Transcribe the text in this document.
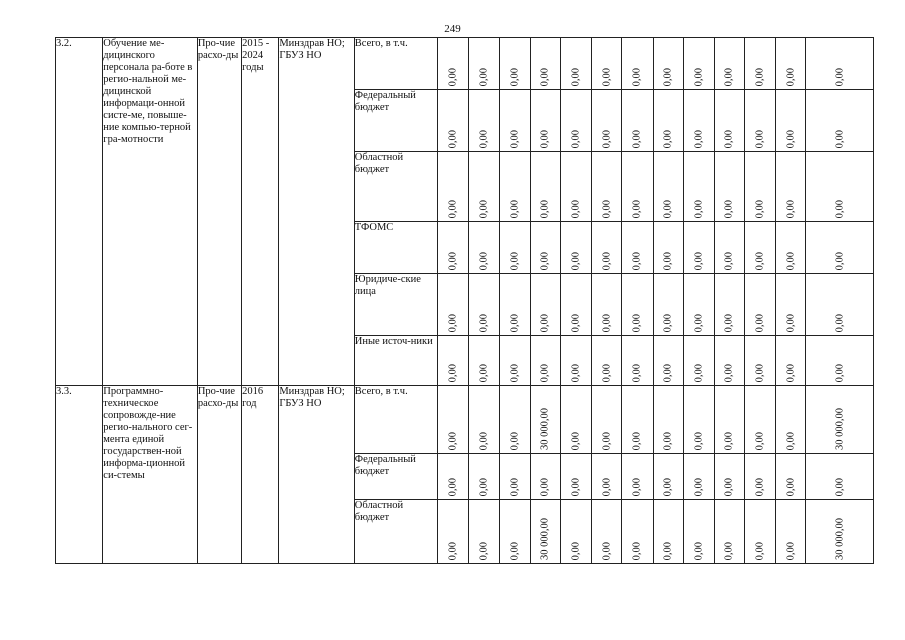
249
3.2.	Обучение ме-дицинского персонала ра-боте в регио-нальной ме-дицинской информаци-онной систе-ме, повыше-ние компью-терной гра-мотности	Про-чие расхо-ды	2015 - 2024 годы	Минздрав НО; ГБУЗ НО	Всего, в т.ч.	0,00	0,00	0,00	0,00	0,00	0,00	0,00	0,00	0,00	0,00	0,00	0,00	0,00

					Федеральный бюджет	0,00	0,00	0,00	0,00	0,00	0,00	0,00	0,00	0,00	0,00	0,00	0,00	0,00

					Областной бюджет	0,00	0,00	0,00	0,00	0,00	0,00	0,00	0,00	0,00	0,00	0,00	0,00	0,00

					ТФОМС	0,00	0,00	0,00	0,00	0,00	0,00	0,00	0,00	0,00	0,00	0,00	0,00	0,00

					Юридиче-ские лица	0,00	0,00	0,00	0,00	0,00	0,00	0,00	0,00	0,00	0,00	0,00	0,00	0,00

					Иные источ-ники	0,00	0,00	0,00	0,00	0,00	0,00	0,00	0,00	0,00	0,00	0,00	0,00	0,00

3.3.	Программно-техническое сопровожде-ние регио-нального сег-мента единой государствен-ной информа-ционной си-стемы	Про-чие расхо-ды	2016 год	Минздрав НО; ГБУЗ НО	Всего, в т.ч.	0,00	0,00	0,00	30 000,00	0,00	0,00	0,00	0,00	0,00	0,00	0,00	0,00	30 000,00

					Федеральный бюджет	0,00	0,00	0,00	0,00	0,00	0,00	0,00	0,00	0,00	0,00	0,00	0,00	0,00

					Областной бюджет	0,00	0,00	0,00	30 000,00	0,00	0,00	0,00	0,00	0,00	0,00	0,00	0,00	30 000,00
